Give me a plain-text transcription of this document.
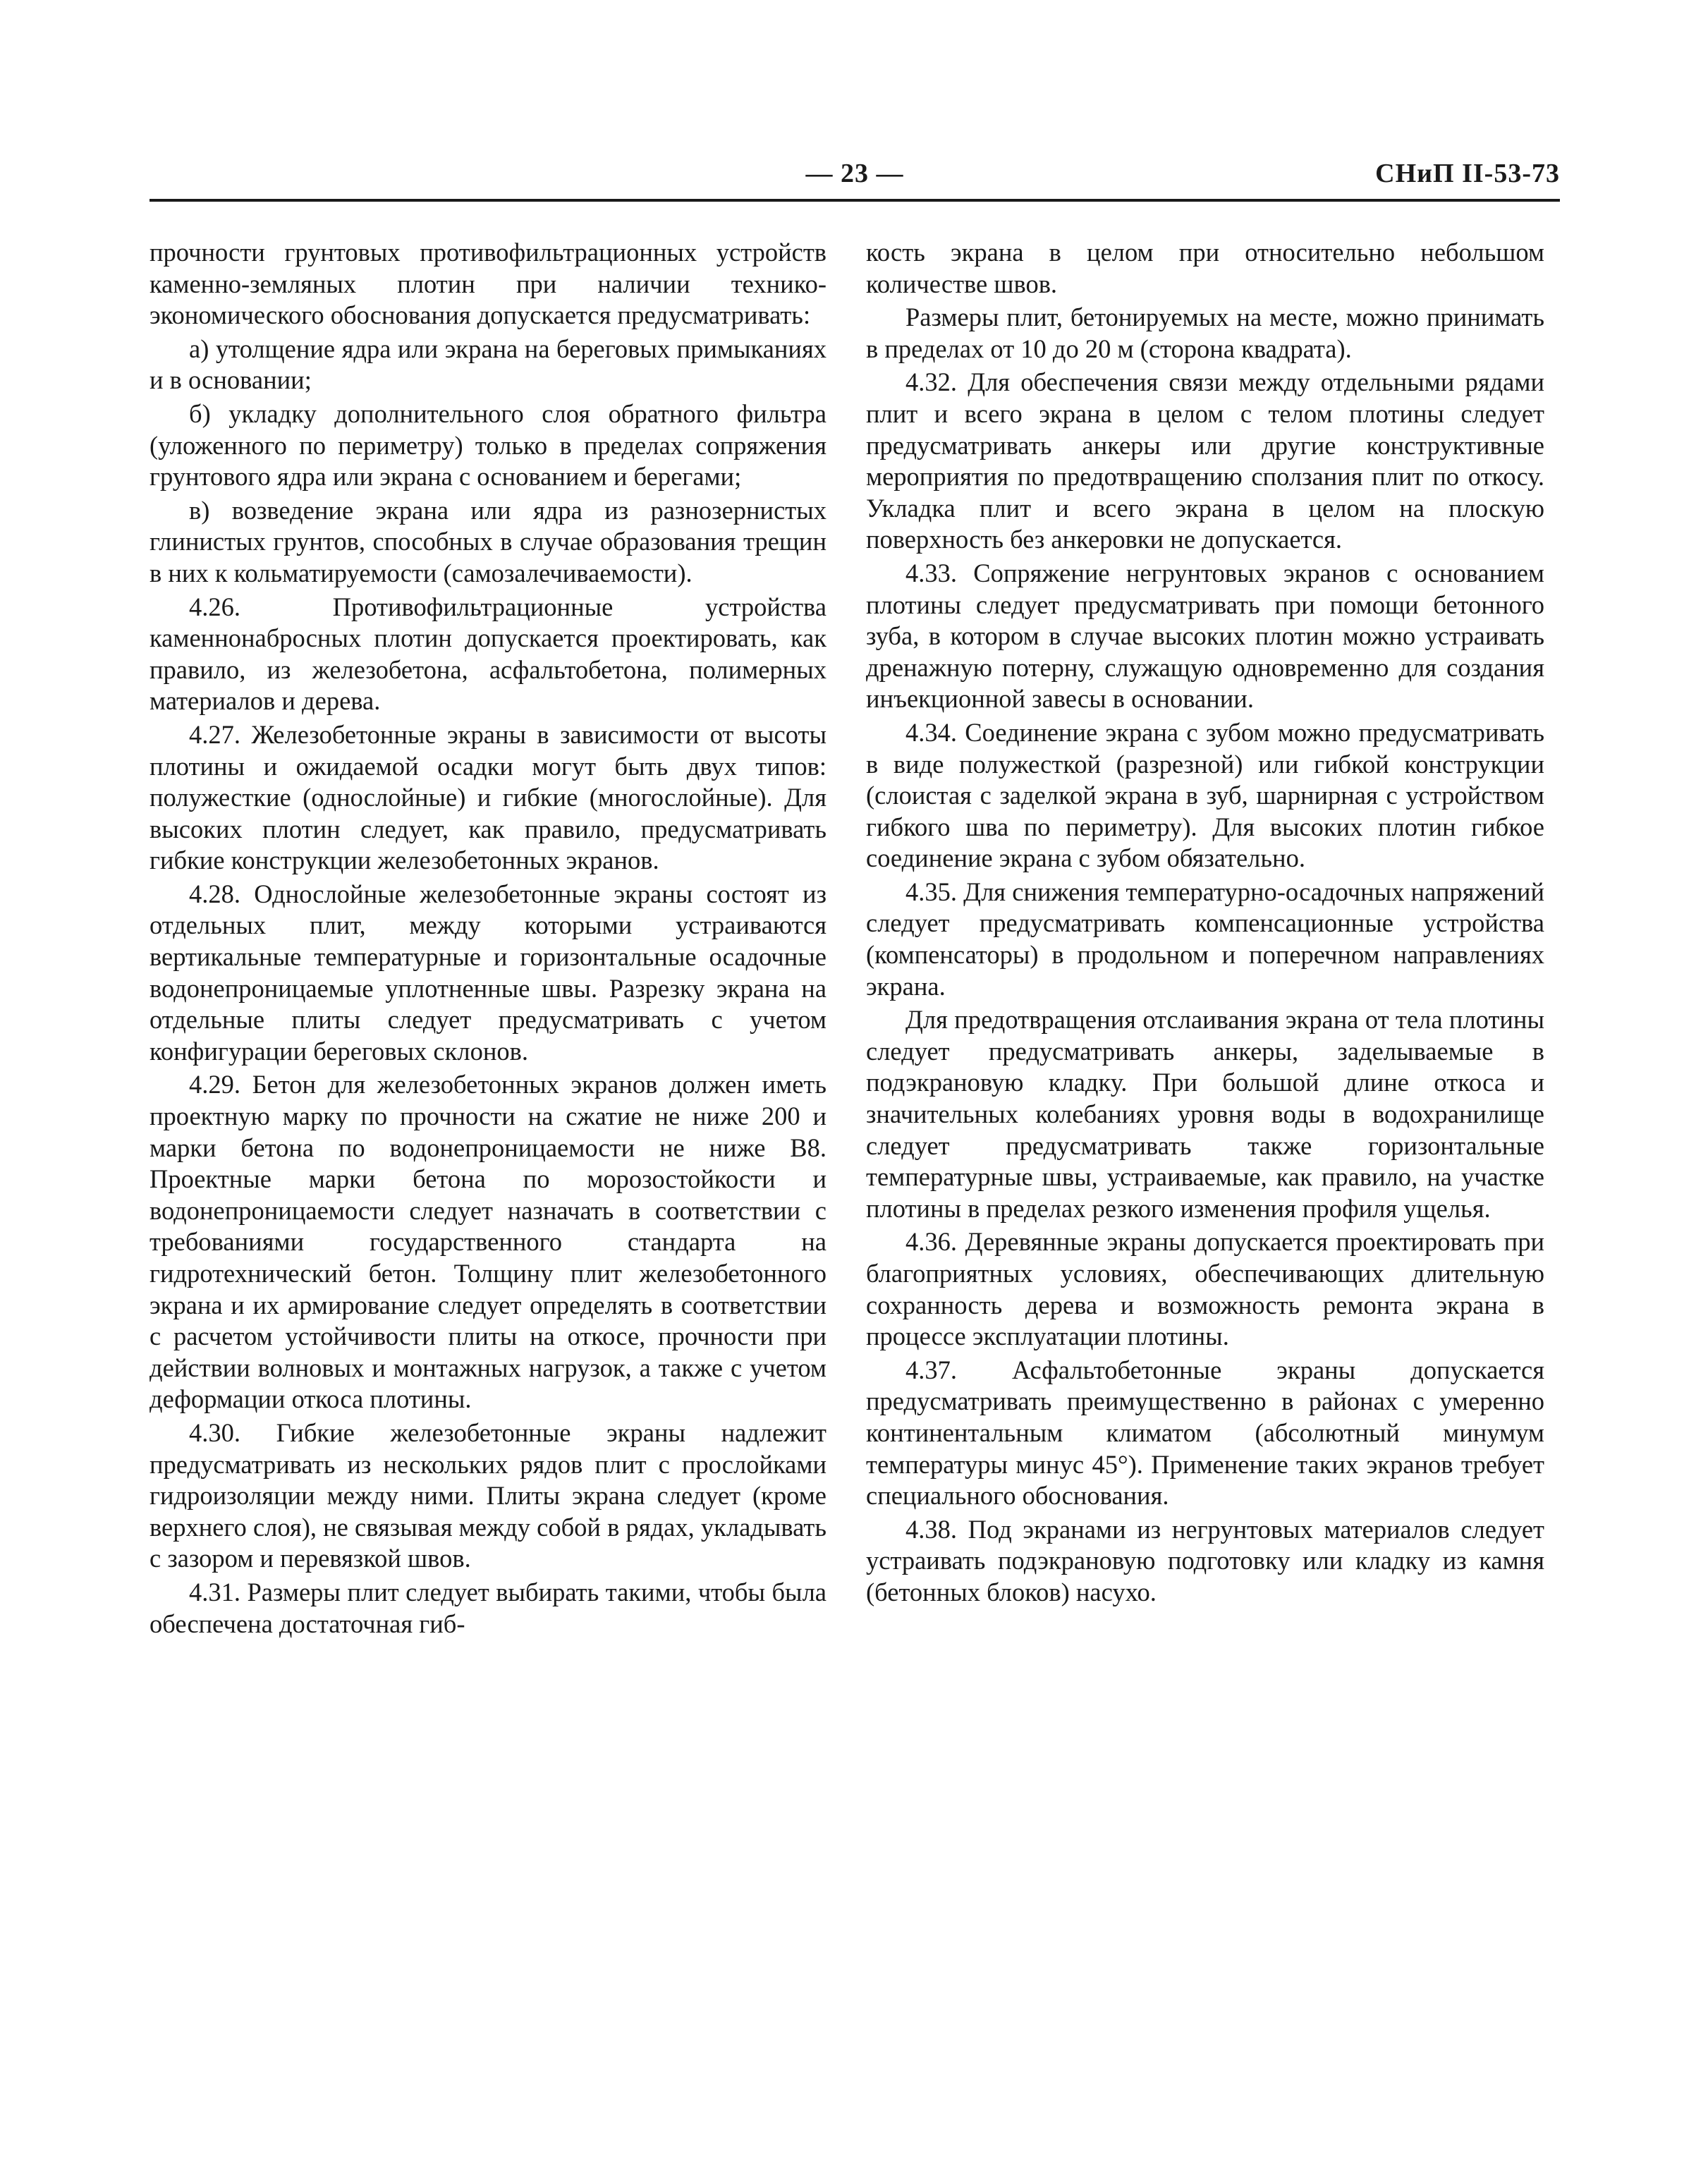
— 23 —	СНиП II-53-73

прочности грунтовых противофильтрационных устройств каменно-земляных плотин при наличии технико-экономического обоснования допускается предусматривать:

а) утолщение ядра или экрана на береговых примыканиях и в основании;

б) укладку дополнительного слоя обратного фильтра (уложенного по периметру) только в пределах сопряжения грунтового ядра или экрана с основанием и берегами;

в) возведение экрана или ядра из разнозернистых глинистых грунтов, способных в случае образования трещин в них к кольматируемости (самозалечиваемости).

4.26. Противофильтрационные устройства каменнонабросных плотин допускается проектировать, как правило, из железобетона, асфальтобетона, полимерных материалов и дерева.

4.27. Железобетонные экраны в зависимости от высоты плотины и ожидаемой осадки могут быть двух типов: полужесткие (однослойные) и гибкие (многослойные). Для высоких плотин следует, как правило, предусматривать гибкие конструкции железобетонных экранов.

4.28. Однослойные железобетонные экраны состоят из отдельных плит, между которыми устраиваются вертикальные температурные и горизонтальные осадочные водонепроницаемые уплотненные швы. Разрезку экрана на отдельные плиты следует предусматривать с учетом конфигурации береговых склонов.

4.29. Бетон для железобетонных экранов должен иметь проектную марку по прочности на сжатие не ниже 200 и марки бетона по водонепроницаемости не ниже В8. Проектные марки бетона по морозостойкости и водонепроницаемости следует назначать в соответствии с требованиями государственного стандарта на гидротехнический бетон. Толщину плит железобетонного экрана и их армирование следует определять в соответствии с расчетом устойчивости плиты на откосе, прочности при действии волновых и монтажных нагрузок, а также с учетом деформации откоса плотины.

4.30. Гибкие железобетонные экраны надлежит предусматривать из нескольких рядов плит с прослойками гидроизоляции между ними. Плиты экрана следует (кроме верхнего слоя), не связывая между собой в рядах, укладывать с зазором и перевязкой швов.

4.31. Размеры плит следует выбирать такими, чтобы была обеспечена достаточная гиб-

кость экрана в целом при относительно небольшом количестве швов.

Размеры плит, бетонируемых на месте, можно принимать в пределах от 10 до 20 м (сторона квадрата).

4.32. Для обеспечения связи между отдельными рядами плит и всего экрана в целом с телом плотины следует предусматривать анкеры или другие конструктивные мероприятия по предотвращению сползания плит по откосу. Укладка плит и всего экрана в целом на плоскую поверхность без анкеровки не допускается.

4.33. Сопряжение негрунтовых экранов с основанием плотины следует предусматривать при помощи бетонного зуба, в котором в случае высоких плотин можно устраивать дренажную потерну, служащую одновременно для создания инъекционной завесы в основании.

4.34. Соединение экрана с зубом можно предусматривать в виде полужесткой (разрезной) или гибкой конструкции (слоистая с заделкой экрана в зуб, шарнирная с устройством гибкого шва по периметру). Для высоких плотин гибкое соединение экрана с зубом обязательно.

4.35. Для снижения температурно-осадочных напряжений следует предусматривать компенсационные устройства (компенсаторы) в продольном и поперечном направлениях экрана.

Для предотвращения отслаивания экрана от тела плотины следует предусматривать анкеры, заделываемые в подэкрановую кладку. При большой длине откоса и значительных колебаниях уровня воды в водохранилище следует предусматривать также горизонтальные температурные швы, устраиваемые, как правило, на участке плотины в пределах резкого изменения профиля ущелья.

4.36. Деревянные экраны допускается проектировать при благоприятных условиях, обеспечивающих длительную сохранность дерева и возможность ремонта экрана в процессе эксплуатации плотины.

4.37. Асфальтобетонные экраны допускается предусматривать преимущественно в районах с умеренно континентальным климатом (абсолютный минумум температуры минус 45°). Применение таких экранов требует специального обоснования.

4.38. Под экранами из негрунтовых материалов следует устраивать подэкрановую подготовку или кладку из камня (бетонных блоков) насухо.
